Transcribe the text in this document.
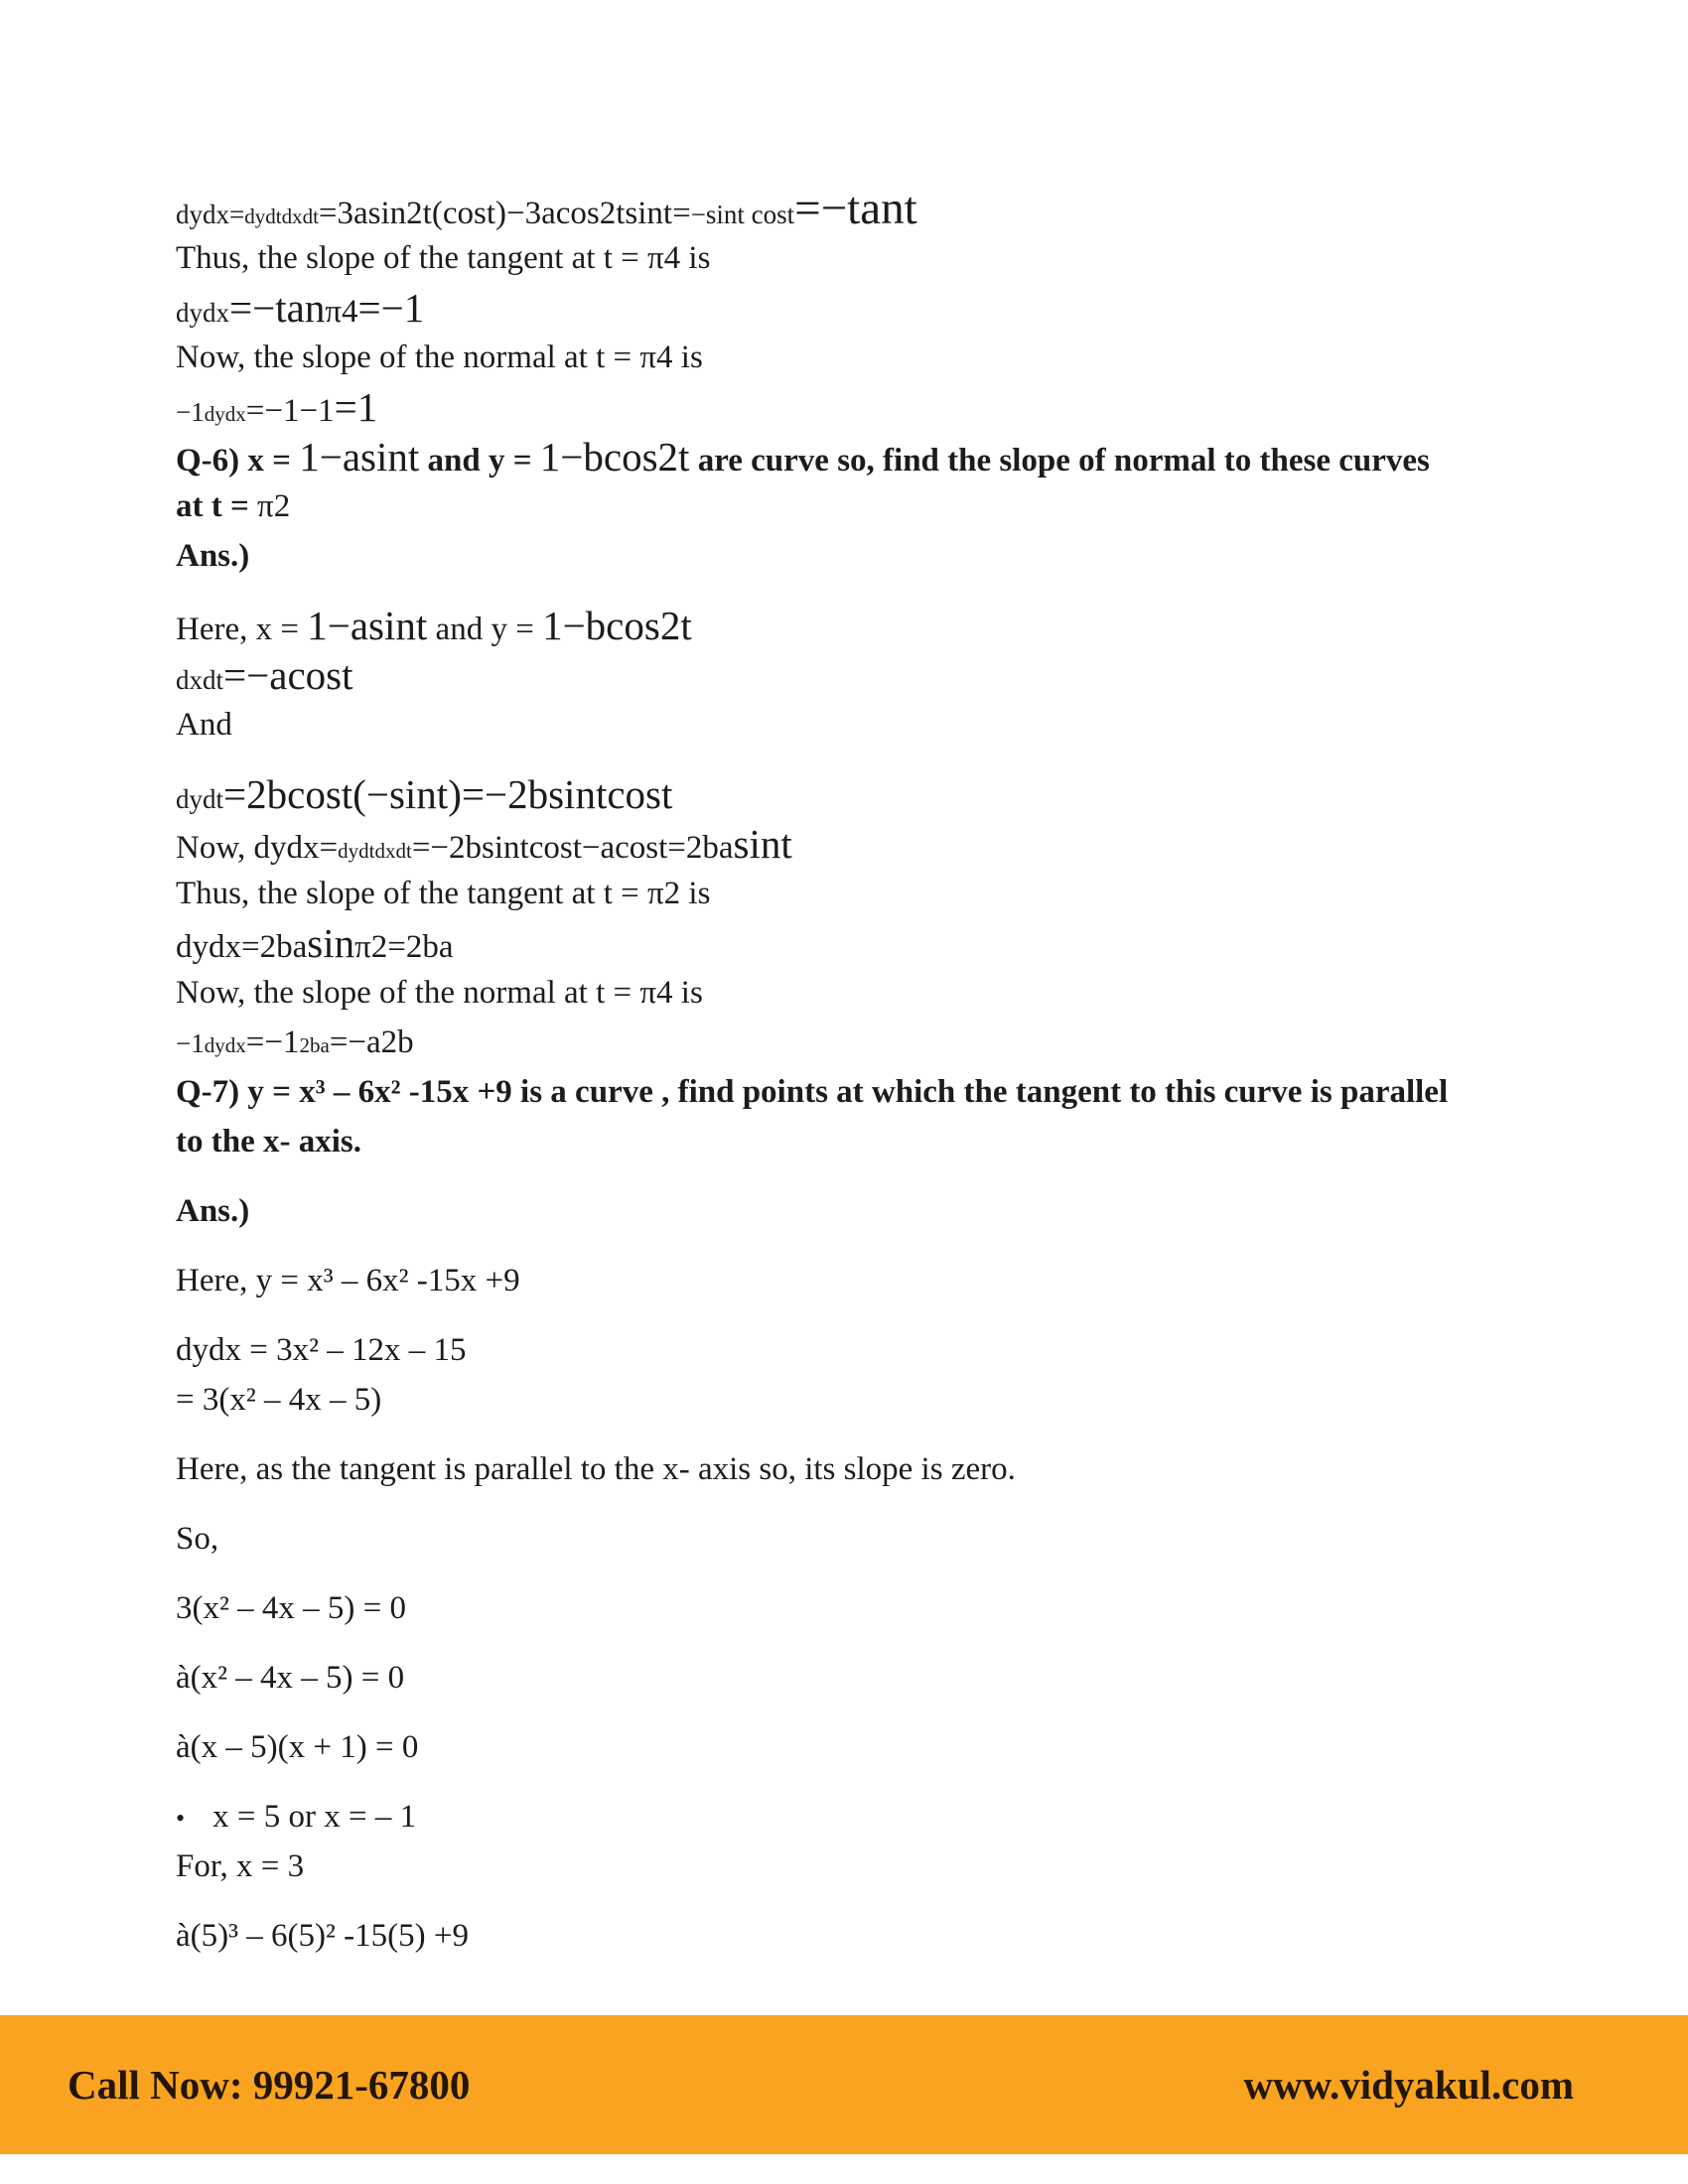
dydx=dydtdxdt=3asin2t(cost)−3acos2tsint=−sint cost=−tant

Thus, the slope of the tangent at t = π4 is

dydx=−tanπ4=−1

Now, the slope of the normal at t = π4 is

−1dydx=−1−1=1

Q-6) x = 1−asint and y = 1−bcos2t are curve so, find the slope of normal to these curves

at t = π2

Ans.)

Here, x = 1−asint and y = 1−bcos2t

dxdt=−acost

And

dydt=2bcost(−sint)=−2bsintcost

Now, dydx=dydtdxdt=−2bsintcost−acost=2basint

Thus, the slope of the tangent at t = π2 is

dydx=2basinπ2=2ba

Now, the slope of the normal at t = π4 is

−1dydx=−12ba=−a2b

Q-7) y = x³ – 6x² -15x +9 is a curve , find points at which the tangent to this curve is parallel

to the x- axis.

Ans.)

Here, y = x³ – 6x² -15x +9

dydx = 3x² – 12x – 15

= 3(x² – 4x – 5)

Here, as the tangent is parallel to the x- axis so, its slope is zero.

So,

3(x² – 4x – 5) = 0

à(x² – 4x – 5) = 0

à(x – 5)(x + 1) = 0

• x = 5 or x = – 1

For, x = 3

à(5)³ – 6(5)² -15(5) +9

Call Now: 99921-67800	www.vidyakul.com
